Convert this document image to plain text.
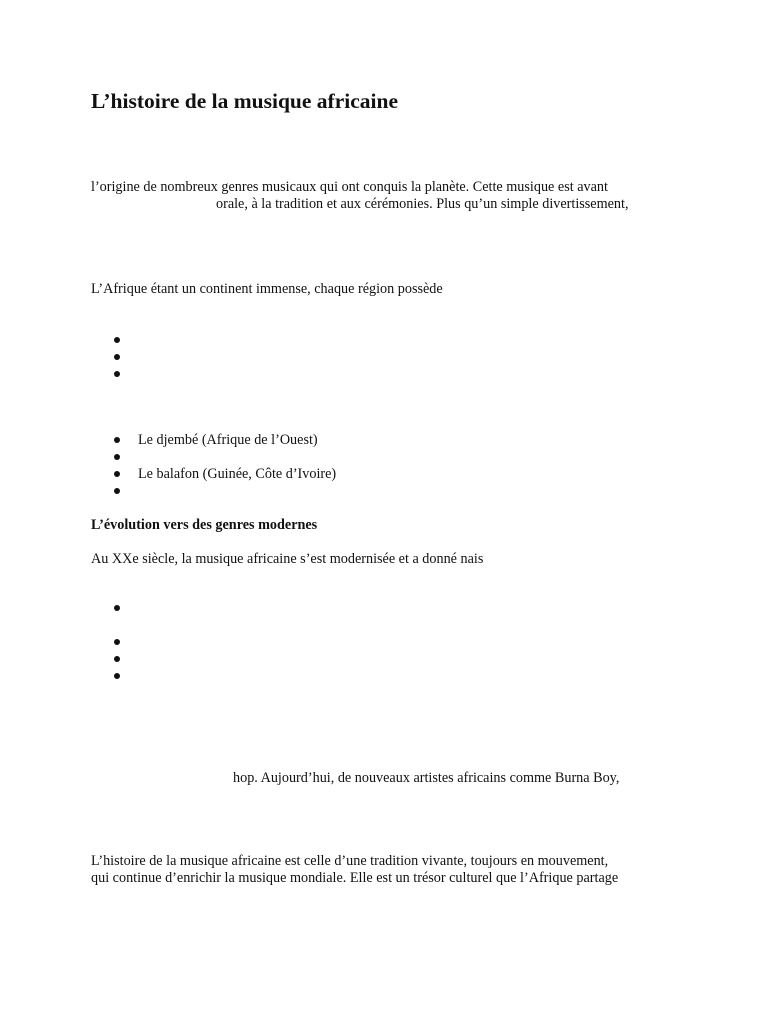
L’histoire de la musique africaine
l’origine de nombreux genres musicaux qui ont conquis la planète. Cette musique est avant
orale, à la tradition et aux cérémonies. Plus qu’un simple divertissement,
L’Afrique étant un continent immense, chaque région possède
Le djembé (Afrique de l’Ouest)
Le balafon (Guinée, Côte d’Ivoire)
L’évolution vers des genres modernes
Au XXe siècle, la musique africaine s’est modernisée et a donné nais
hop. Aujourd’hui, de nouveaux artistes africains comme Burna Boy,
L’histoire de la musique africaine est celle d’une tradition vivante, toujours en mouvement,
qui continue d’enrichir la musique mondiale. Elle est un trésor culturel que l’Afrique partage
